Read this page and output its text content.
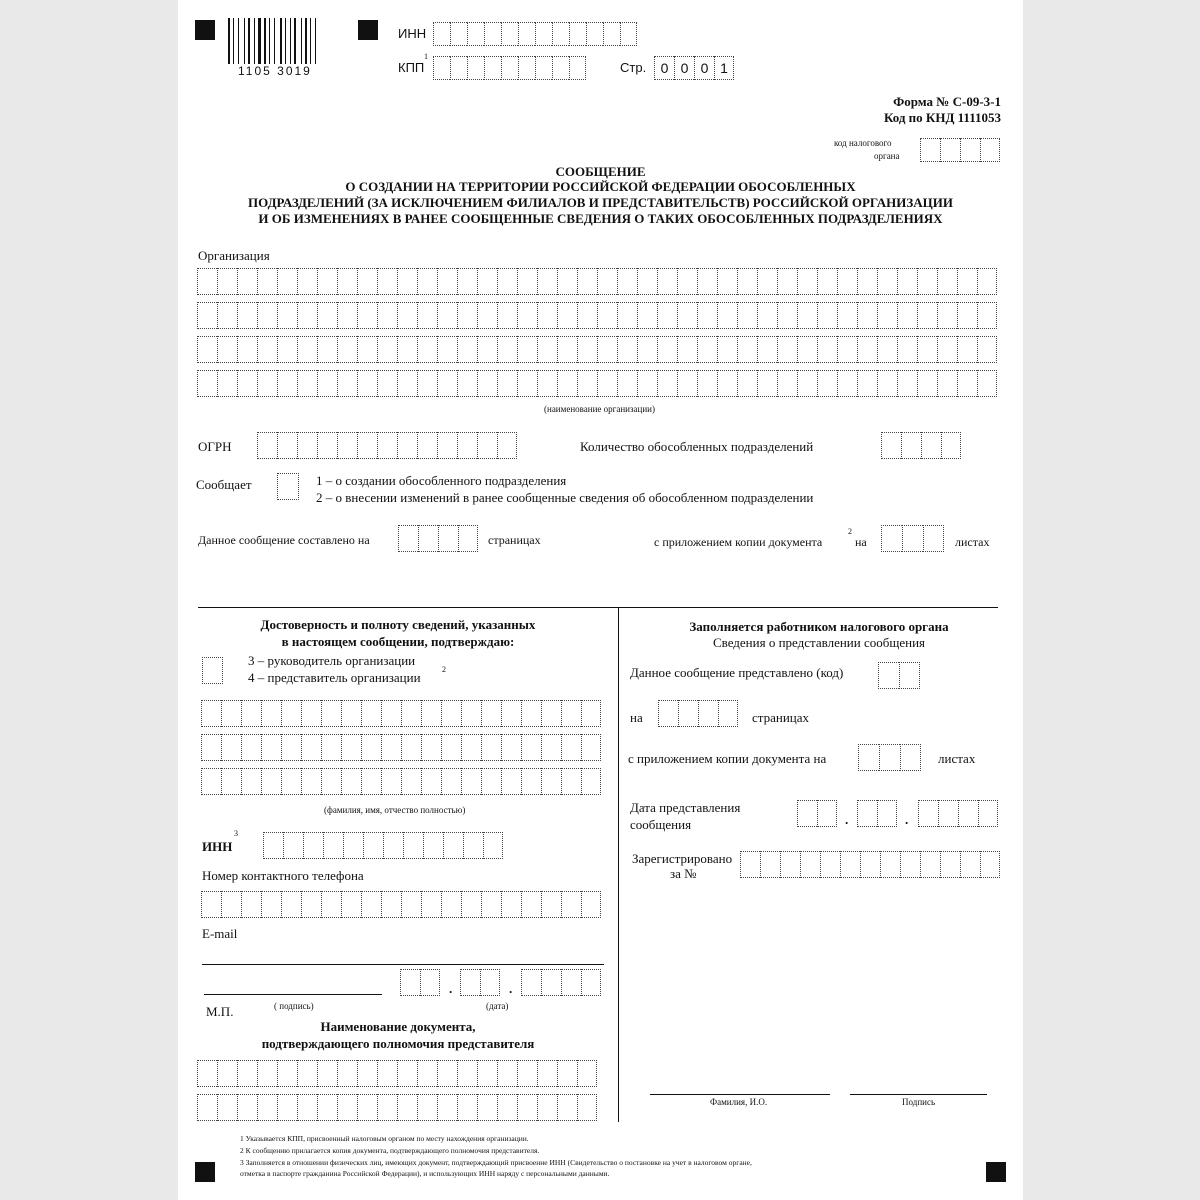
1105 3019
ИНН
КПП
1
Стр.	0 0 0 1
Форма № С-09-3-1
Код по КНД 1111053
код налогового
органа
СООБЩЕНИЕ
О СОЗДАНИИ НА ТЕРРИТОРИИ РОССИЙСКОЙ ФЕДЕРАЦИИ ОБОСОБЛЕННЫХ
ПОДРАЗДЕЛЕНИЙ (ЗА ИСКЛЮЧЕНИЕМ ФИЛИАЛОВ И ПРЕДСТАВИТЕЛЬСТВ) РОССИЙСКОЙ ОРГАНИЗАЦИИ
И ОБ ИЗМЕНЕНИЯХ В РАНЕЕ СООБЩЕННЫЕ СВЕДЕНИЯ О ТАКИХ ОБОСОБЛЕННЫХ ПОДРАЗДЕЛЕНИЯХ
Организация
(наименование организации)
ОГРН	Количество обособленных подразделений
Сообщает	1 – о создании обособленного подразделения
2 – о внесении изменений в ранее сообщенные сведения об обособленном подразделении
Данное сообщение составлено на	страницах	с приложением копии документа
2
на	листах
Достоверность и полноту сведений, указанных
в настоящем сообщении, подтверждаю:
3 – руководитель организации
4 – представитель организации
2
(фамилия, имя, отчество полностью)
ИНН
3
Номер контактного телефона
E-mail
.	.
М.П.	( подпись)	(дата)
Наименование документа,
подтверждающего полномочия представителя
Заполняется работником налогового органа
Сведения о представлении сообщения
Данное сообщение представлено (код)
на	страницах
с приложением копии документа на	листах
Дата представления
сообщения	.	.
Зарегистрировано
за №
Фамилия, И.О.	Подпись
1 Указывается КПП, присвоенный налоговым органом по месту нахождения организации.
2 К сообщению прилагается копия документа, подтверждающего полномочия представителя.
3 Заполняется в отношении физических лиц, имеющих документ, подтверждающий присвоение ИНН (Свидетельство о постановке на учет в налоговом органе,
отметка в паспорте гражданина Российской Федерации), и использующих ИНН наряду с персональными данными.
